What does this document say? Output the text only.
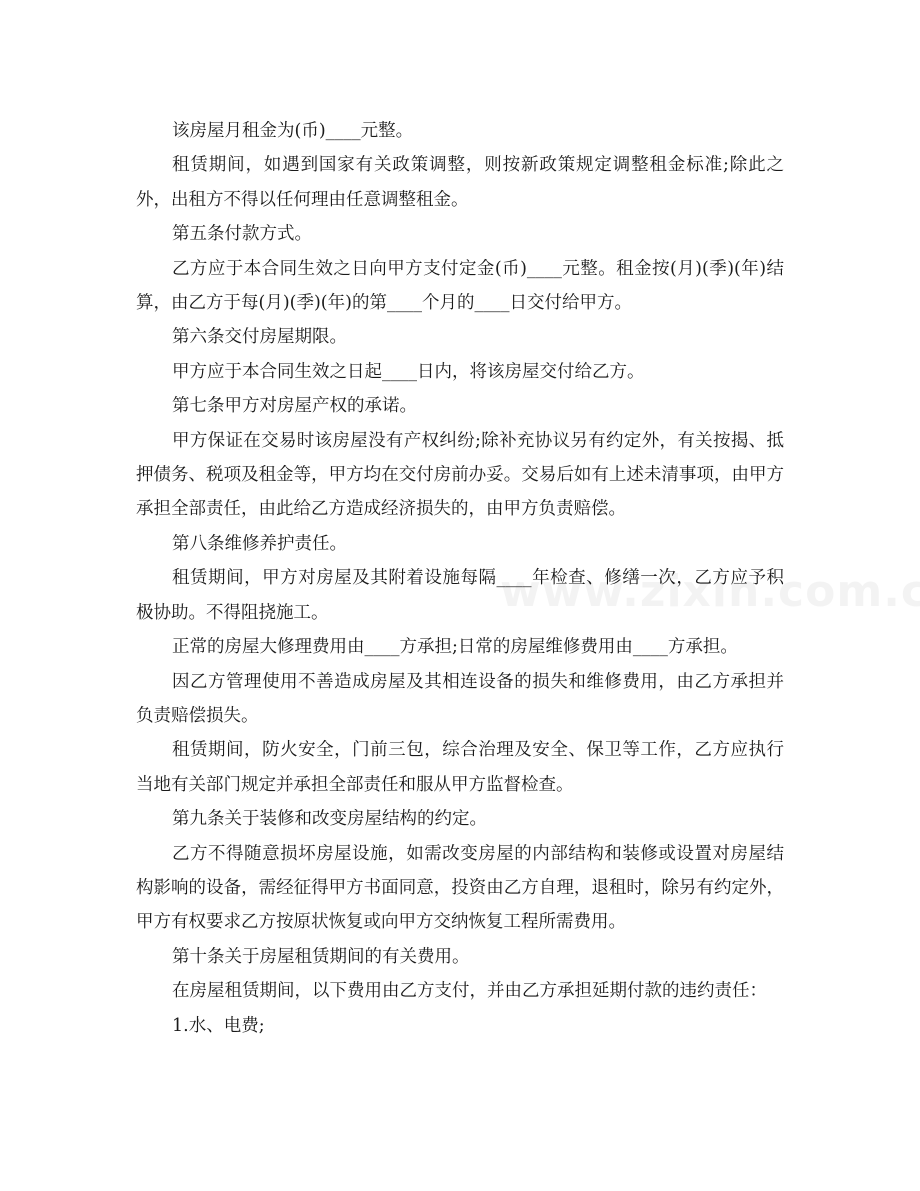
该房屋月租金为(币)____元整。

租赁期间，如遇到国家有关政策调整，则按新政策规定调整租金标准;除此之外，出租方不得以任何理由任意调整租金。

第五条付款方式。

乙方应于本合同生效之日向甲方支付定金(币)____元整。租金按(月)(季)(年)结算，由乙方于每(月)(季)(年)的第____个月的____日交付给甲方。

第六条交付房屋期限。

甲方应于本合同生效之日起____日内，将该房屋交付给乙方。

第七条甲方对房屋产权的承诺。

甲方保证在交易时该房屋没有产权纠纷;除补充协议另有约定外，有关按揭、抵押债务、税项及租金等，甲方均在交付房前办妥。交易后如有上述未清事项，由甲方承担全部责任，由此给乙方造成经济损失的，由甲方负责赔偿。

第八条维修养护责任。

租赁期间，甲方对房屋及其附着设施每隔____年检查、修缮一次，乙方应予积极协助。不得阻挠施工。

正常的房屋大修理费用由____方承担;日常的房屋维修费用由____方承担。

因乙方管理使用不善造成房屋及其相连设备的损失和维修费用，由乙方承担并负责赔偿损失。

租赁期间，防火安全，门前三包，综合治理及安全、保卫等工作，乙方应执行当地有关部门规定并承担全部责任和服从甲方监督检查。

第九条关于装修和改变房屋结构的约定。

乙方不得随意损坏房屋设施，如需改变房屋的内部结构和装修或设置对房屋结构影响的设备，需经征得甲方书面同意，投资由乙方自理，退租时，除另有约定外，甲方有权要求乙方按原状恢复或向甲方交纳恢复工程所需费用。

第十条关于房屋租赁期间的有关费用。

在房屋租赁期间，以下费用由乙方支付，并由乙方承担延期付款的违约责任：

1.水、电费;
